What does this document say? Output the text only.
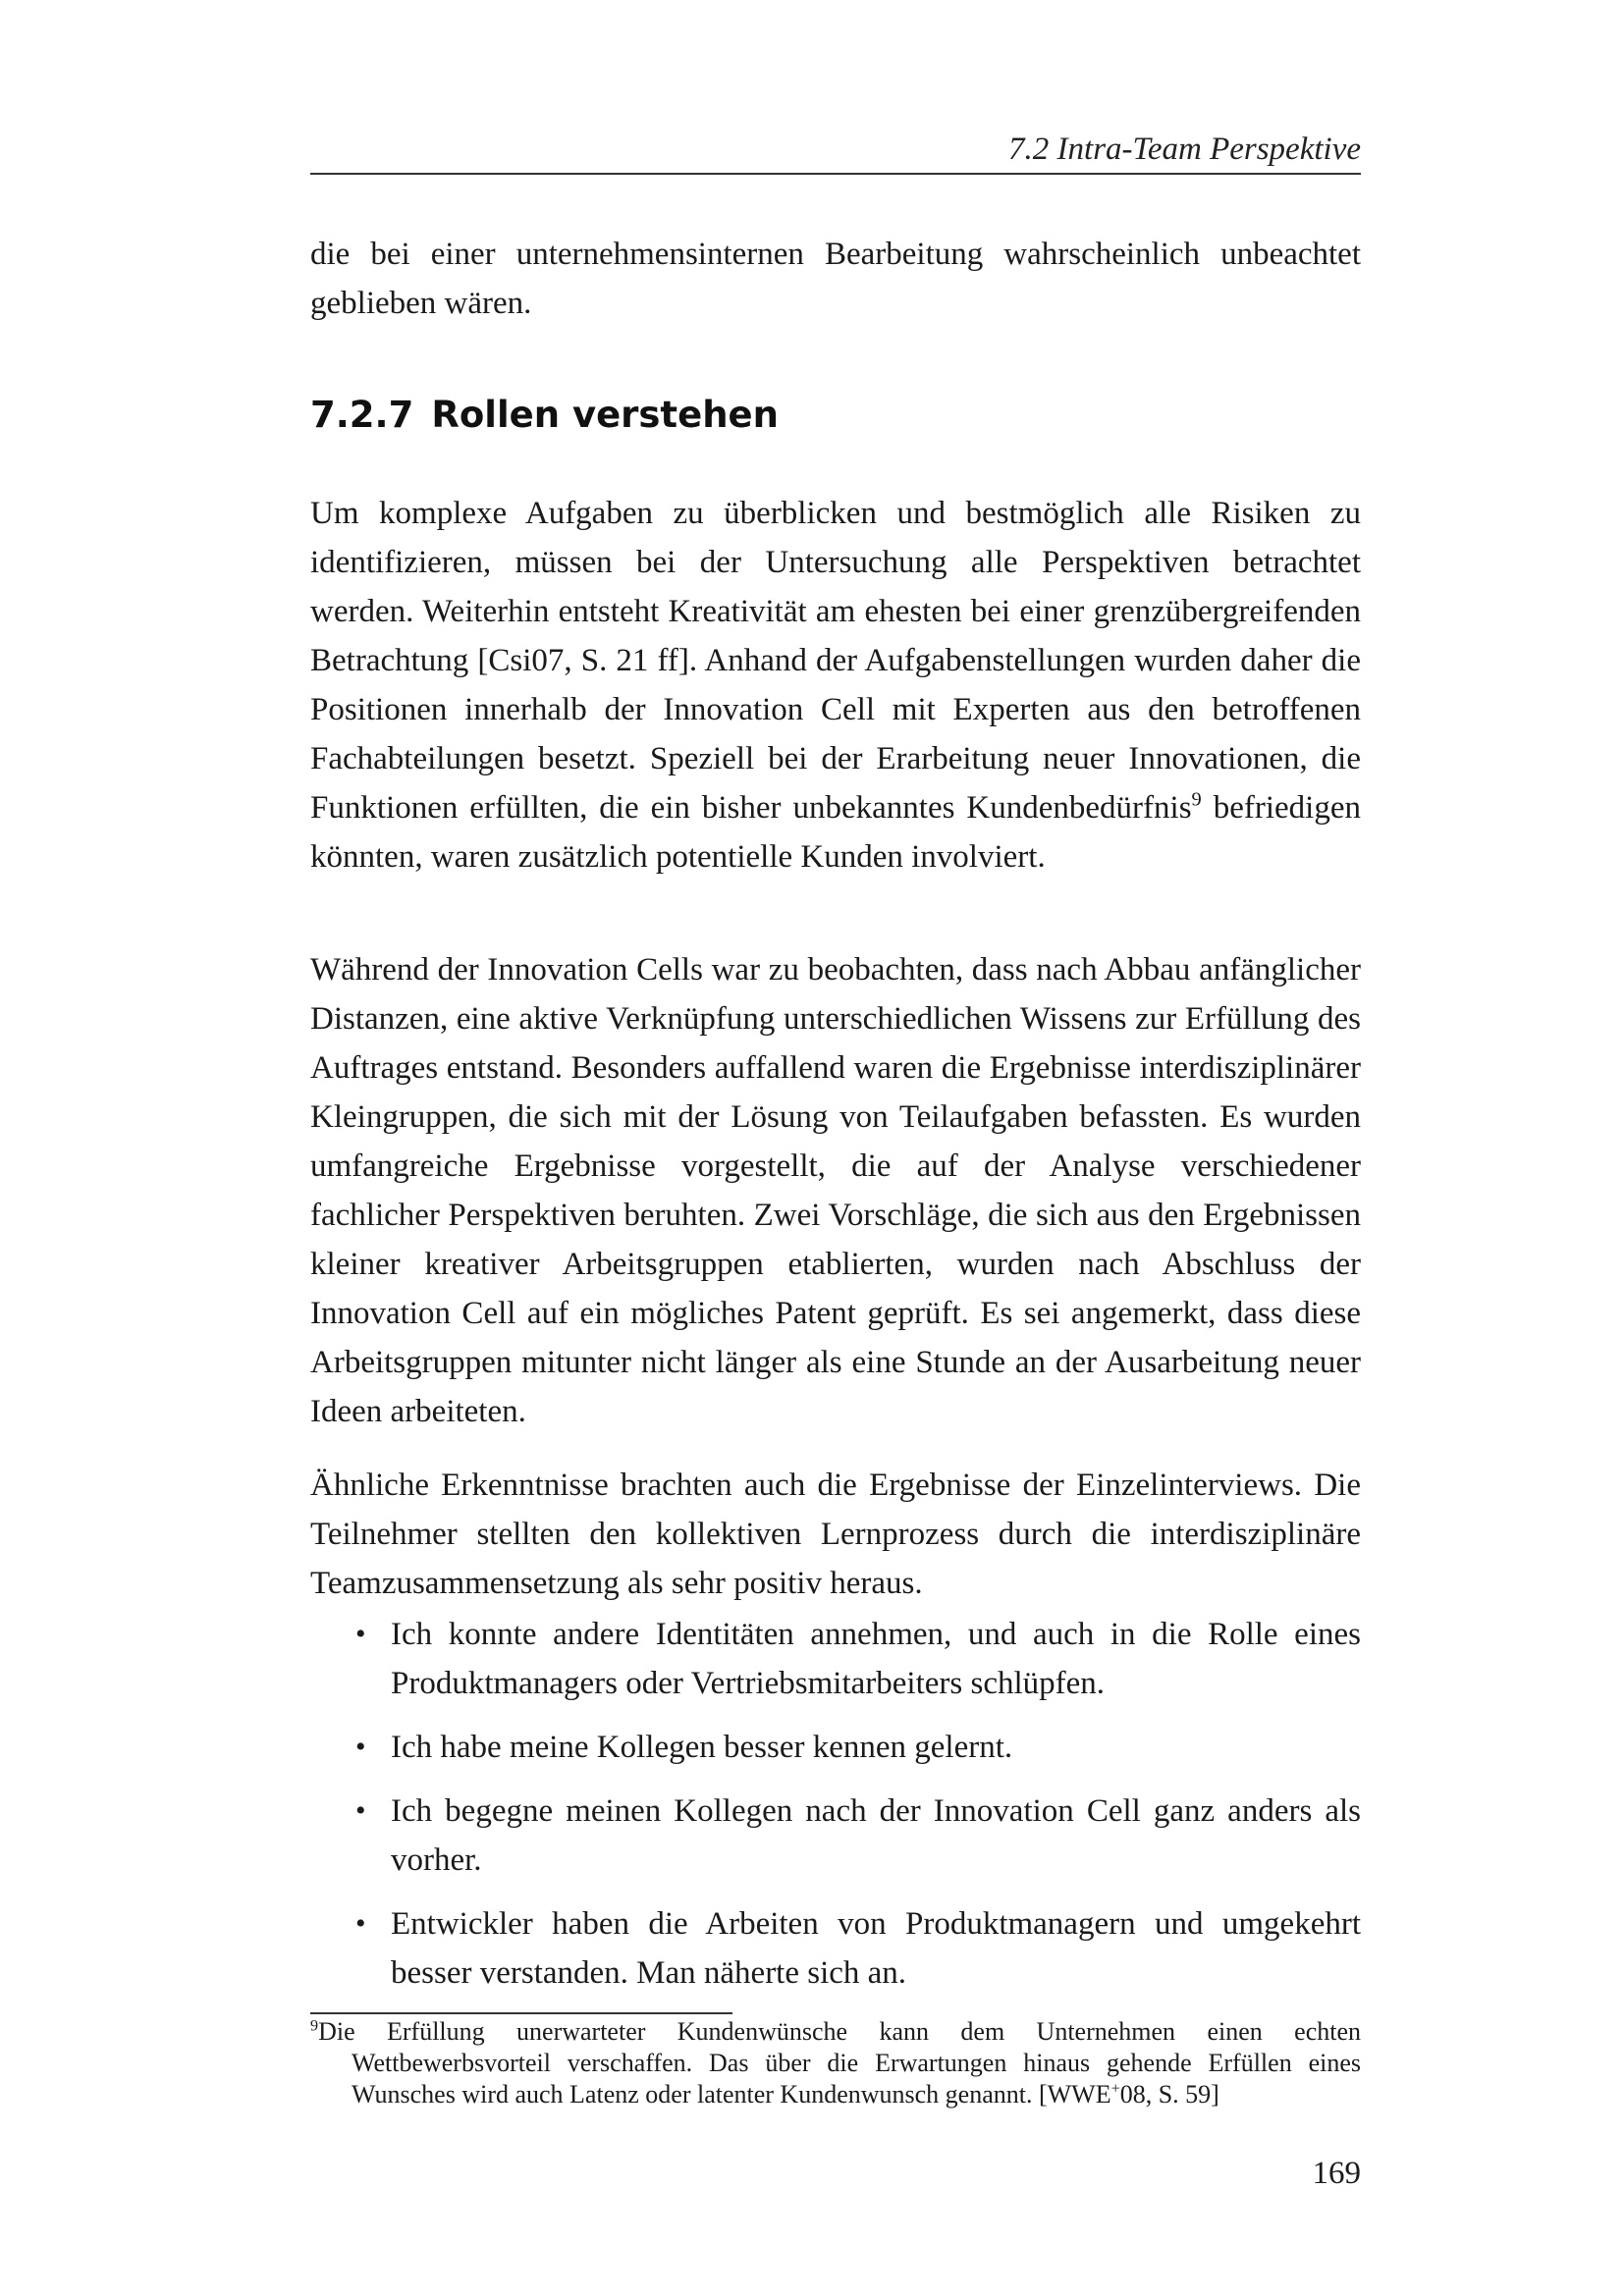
7.2 Intra-Team Perspektive

die bei einer unternehmensinternen Bearbeitung wahrscheinlich unbeachtet geblieben wären.

7.2.7 Rollen verstehen

Um komplexe Aufgaben zu überblicken und bestmöglich alle Risiken zu identifizieren, müssen bei der Untersuchung alle Perspektiven betrachtet werden. Weiterhin entsteht Kreativität am ehesten bei einer grenzübergreifenden Betrachtung [Csi07, S. 21 ff]. Anhand der Aufgabenstellungen wurden daher die Positionen innerhalb der Innovation Cell mit Experten aus den betroffenen Fachabteilungen besetzt. Speziell bei der Erarbeitung neuer Innovationen, die Funktionen erfüllten, die ein bisher unbekanntes Kundenbedürfnis$^9$ befriedigen könnten, waren zusätzlich potentielle Kunden involviert.

Während der Innovation Cells war zu beobachten, dass nach Abbau anfänglicher Distanzen, eine aktive Verknüpfung unterschiedlichen Wissens zur Erfüllung des Auftrages entstand. Besonders auffallend waren die Ergebnisse interdisziplinärer Kleingruppen, die sich mit der Lösung von Teilaufgaben befassten. Es wurden umfangreiche Ergebnisse vorgestellt, die auf der Analyse verschiedener fachlicher Perspektiven beruhten. Zwei Vorschläge, die sich aus den Ergebnissen kleiner kreativer Arbeitsgruppen etablierten, wurden nach Abschluss der Innovation Cell auf ein mögliches Patent geprüft. Es sei angemerkt, dass diese Arbeitsgruppen mitunter nicht länger als eine Stunde an der Ausarbeitung neuer Ideen arbeiteten.

Ähnliche Erkenntnisse brachten auch die Ergebnisse der Einzelinterviews. Die Teilnehmer stellten den kollektiven Lernprozess durch die interdisziplinäre Teamzusammensetzung als sehr positiv heraus.

• Ich konnte andere Identitäten annehmen, und auch in die Rolle eines Produktmanagers oder Vertriebsmitarbeiters schlüpfen.
• Ich habe meine Kollegen besser kennen gelernt.
• Ich begegne meinen Kollegen nach der Innovation Cell ganz anders als vorher.
• Entwickler haben die Arbeiten von Produktmanagern und umgekehrt besser verstanden. Man näherte sich an.

$^9$Die Erfüllung unerwarteter Kundenwünsche kann dem Unternehmen einen echten Wettbewerbsvorteil verschaffen. Das über die Erwartungen hinaus gehende Erfüllen eines Wunsches wird auch Latenz oder latenter Kundenwunsch genannt. [WWE+08, S. 59]

169
